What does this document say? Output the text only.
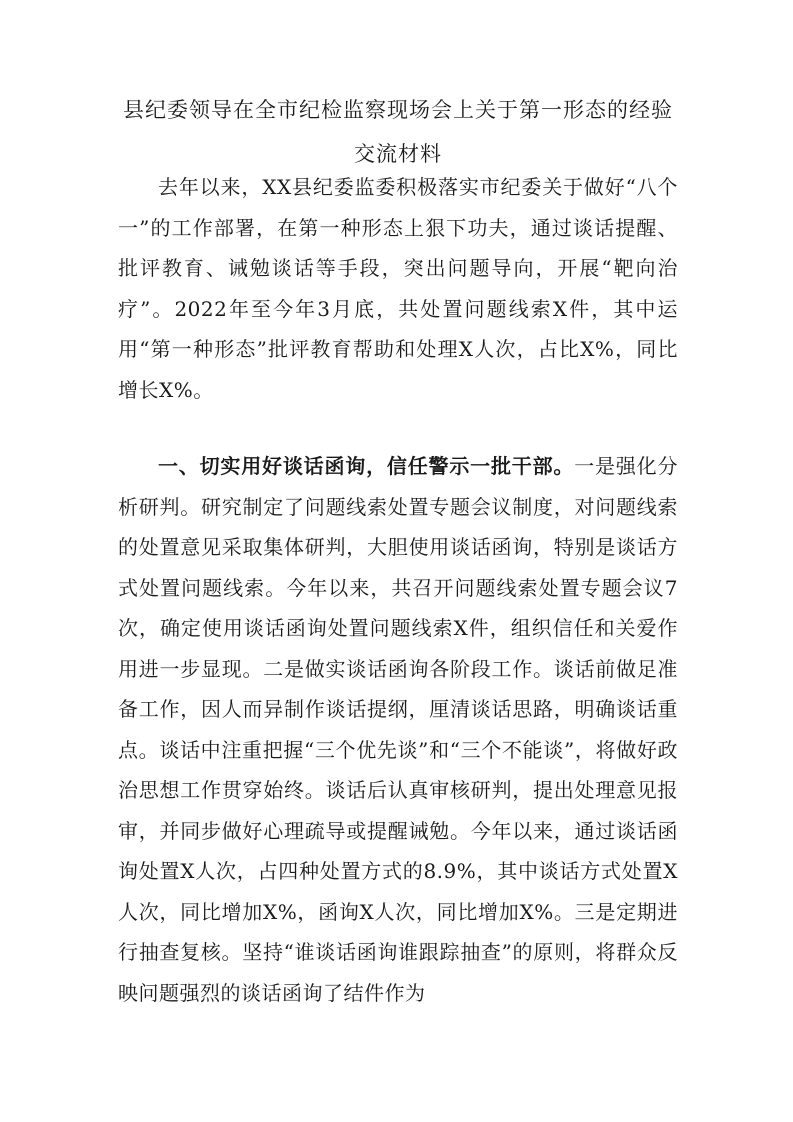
县纪委领导在全市纪检监察现场会上关于第一形态的经验
交流材料

去年以来，XX县纪委监委积极落实市纪委关于做好“八个一”的工作部署，在第一种形态上狠下功夫，通过谈话提醒、批评教育、诫勉谈话等手段，突出问题导向，开展“靶向治疗”。2022年至今年3月底，共处置问题线索X件，其中运用“第一种形态”批评教育帮助和处理X人次，占比X%，同比增长X%。

一、切实用好谈话函询，信任警示一批干部。一是强化分析研判。研究制定了问题线索处置专题会议制度，对问题线索的处置意见采取集体研判，大胆使用谈话函询，特别是谈话方式处置问题线索。今年以来，共召开问题线索处置专题会议7次，确定使用谈话函询处置问题线索X件，组织信任和关爱作用进一步显现。二是做实谈话函询各阶段工作。谈话前做足准备工作，因人而异制作谈话提纲，厘清谈话思路，明确谈话重点。谈话中注重把握“三个优先谈”和“三个不能谈”，将做好政治思想工作贯穿始终。谈话后认真审核研判，提出处理意见报审，并同步做好心理疏导或提醒诫勉。今年以来，通过谈话函询处置X人次，占四种处置方式的8.9%，其中谈话方式处置X人次，同比增加X%，函询X人次，同比增加X%。三是定期进行抽查复核。坚持“谁谈话函询谁跟踪抽查”的原则，将群众反映问题强烈的谈话函询了结件作为
